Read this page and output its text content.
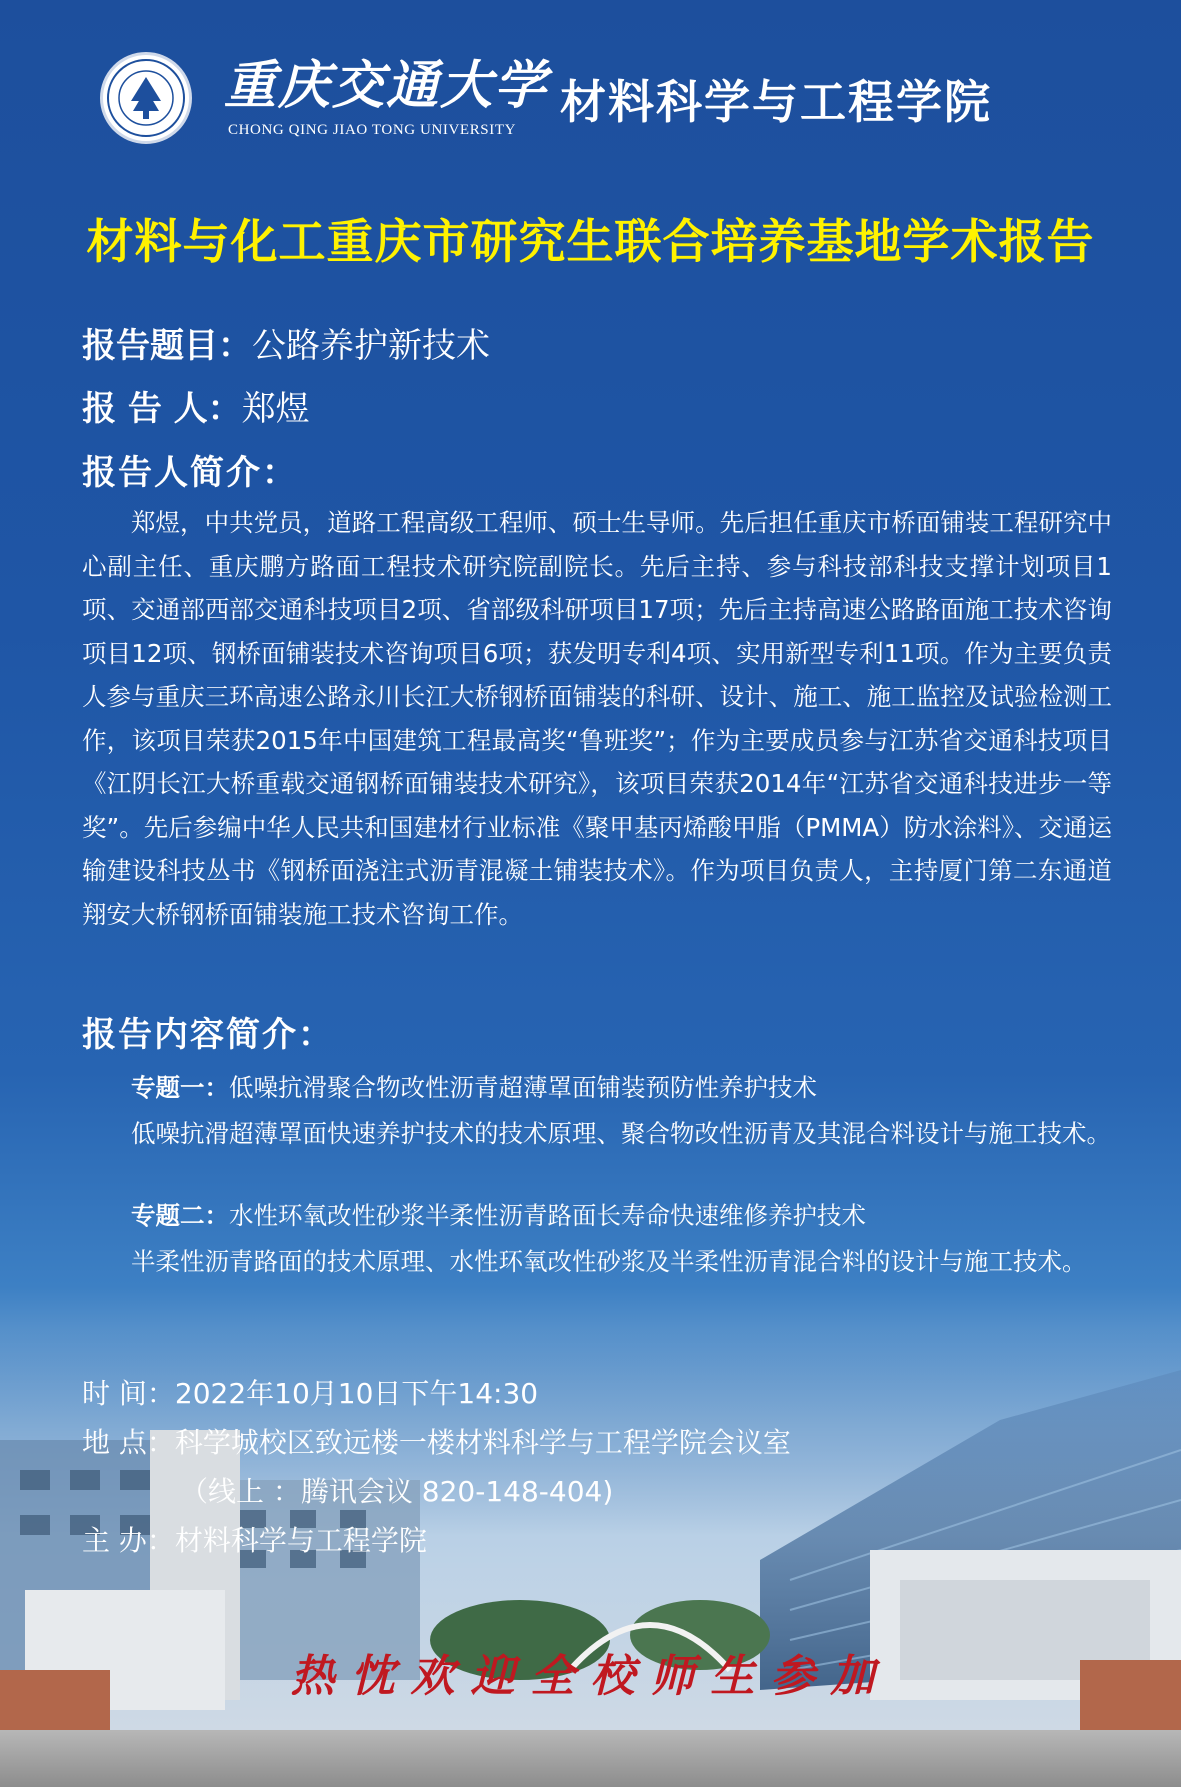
重庆交通大学
CHONG QING JIAO TONG UNIVERSITY
材料科学与工程学院
材料与化工重庆市研究生联合培养基地学术报告
报告题目：公路养护新技术
报 告 人：郑煜
报告人简介：

郑煜，中共党员，道路工程高级工程师、硕士生导师。先后担任重庆市桥面铺装工程研究中心副主任、重庆鹏方路面工程技术研究院副院长。先后主持、参与科技部科技支撑计划项目1项、交通部西部交通科技项目2项、省部级科研项目17项；先后主持高速公路路面施工技术咨询项目12项、钢桥面铺装技术咨询项目6项；获发明专利4项、实用新型专利11项。作为主要负责人参与重庆三环高速公路永川长江大桥钢桥面铺装的科研、设计、施工、施工监控及试验检测工作，该项目荣获2015年中国建筑工程最高奖“鲁班奖”；作为主要成员参与江苏省交通科技项目《江阴长江大桥重载交通钢桥面铺装技术研究》，该项目荣获2014年“江苏省交通科技进步一等奖”。先后参编中华人民共和国建材行业标准《聚甲基丙烯酸甲脂（PMMA）防水涂料》、交通运输建设科技丛书《钢桥面浇注式沥青混凝土铺装技术》。作为项目负责人，主持厦门第二东通道翔安大桥钢桥面铺装施工技术咨询工作。

报告内容简介：

专题一：低噪抗滑聚合物改性沥青超薄罩面铺装预防性养护技术

低噪抗滑超薄罩面快速养护技术的技术原理、聚合物改性沥青及其混合料设计与施工技术。

专题二：水性环氧改性砂浆半柔性沥青路面长寿命快速维修养护技术

半柔性沥青路面的技术原理、水性环氧改性砂浆及半柔性沥青混合料的设计与施工技术。

时 间：2022年10月10日下午14:30
地 点：科学城校区致远楼一楼材料科学与工程学院会议室
（线上 ：腾讯会议 820-148-404)
主 办：材料科学与工程学院
热忱欢迎全校师生参加
